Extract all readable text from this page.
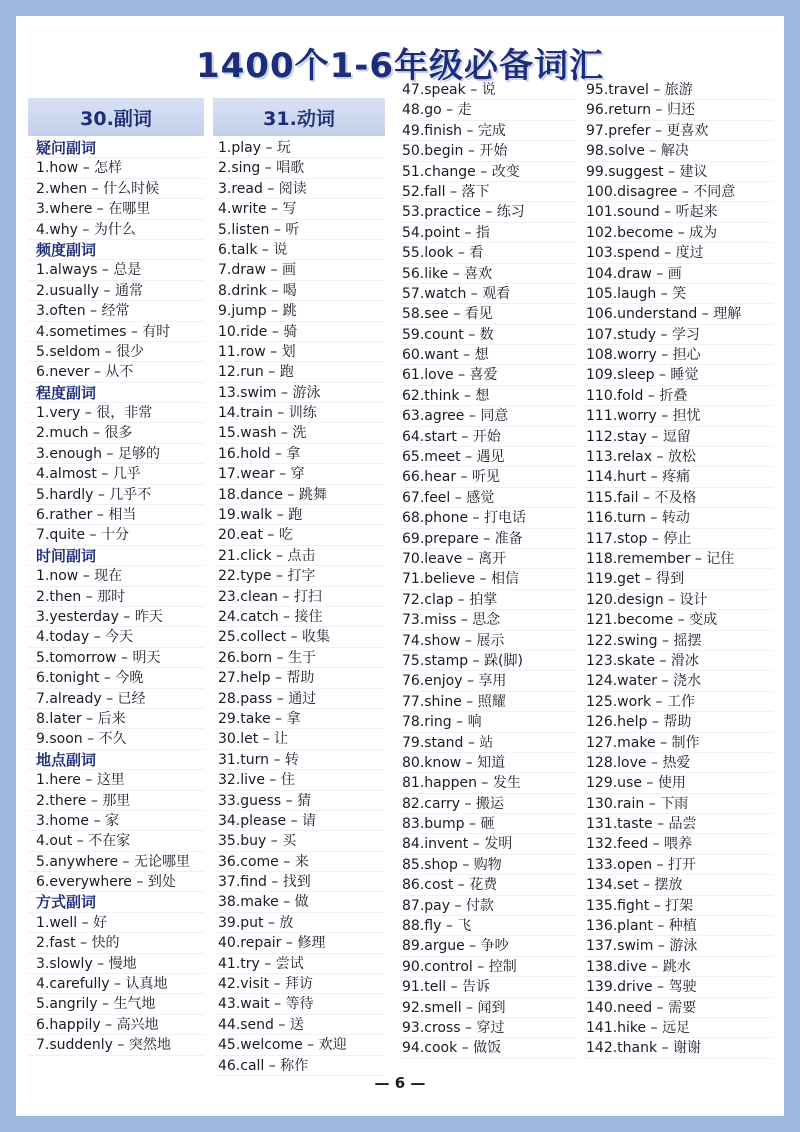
1400个1-6年级必备词汇
30.副词
疑问副词
1.how – 怎样
2.when – 什么时候
3.where – 在哪里
4.why – 为什么
频度副词
1.always – 总是
2.usually – 通常
3.often – 经常
4.sometimes – 有时
5.seldom – 很少
6.never – 从不
程度副词
1.very – 很，非常
2.much – 很多
3.enough – 足够的
4.almost – 几乎
5.hardly – 几乎不
6.rather – 相当
7.quite – 十分
时间副词
1.now – 现在
2.then – 那时
3.yesterday – 昨天
4.today – 今天
5.tomorrow – 明天
6.tonight – 今晚
7.already – 已经
8.later – 后来
9.soon – 不久
地点副词
1.here – 这里
2.there – 那里
3.home – 家
4.out – 不在家
5.anywhere – 无论哪里
6.everywhere – 到处
方式副词
1.well – 好
2.fast – 快的
3.slowly – 慢地
4.carefully – 认真地
5.angrily – 生气地
6.happily – 高兴地
7.suddenly – 突然地
31.动词
1.play – 玩
2.sing – 唱歌
3.read – 阅读
4.write – 写
5.listen – 听
6.talk – 说
7.draw – 画
8.drink – 喝
9.jump – 跳
10.ride – 骑
11.row – 划
12.run – 跑
13.swim – 游泳
14.train – 训练
15.wash – 洗
16.hold – 拿
17.wear – 穿
18.dance – 跳舞
19.walk – 跑
20.eat – 吃
21.click – 点击
22.type – 打字
23.clean – 打扫
24.catch – 接住
25.collect – 收集
26.born – 生于
27.help – 帮助
28.pass – 通过
29.take – 拿
30.let – 让
31.turn – 转
32.live – 住
33.guess – 猜
34.please – 请
35.buy – 买
36.come – 来
37.find – 找到
38.make – 做
39.put – 放
40.repair – 修理
41.try – 尝试
42.visit – 拜访
43.wait – 等待
44.send – 送
45.welcome – 欢迎
46.call – 称作
47.speak – 说
48.go – 走
49.finish – 完成
50.begin – 开始
51.change – 改变
52.fall – 落下
53.practice – 练习
54.point – 指
55.look – 看
56.like – 喜欢
57.watch – 观看
58.see – 看见
59.count – 数
60.want – 想
61.love – 喜爱
62.think – 想
63.agree – 同意
64.start – 开始
65.meet – 遇见
66.hear – 听见
67.feel – 感觉
68.phone – 打电话
69.prepare – 准备
70.leave – 离开
71.believe – 相信
72.clap – 拍掌
73.miss – 思念
74.show – 展示
75.stamp – 跺(脚)
76.enjoy – 享用
77.shine – 照耀
78.ring – 响
79.stand – 站
80.know – 知道
81.happen – 发生
82.carry – 搬运
83.bump – 砸
84.invent – 发明
85.shop – 购物
86.cost – 花费
87.pay – 付款
88.fly – 飞
89.argue – 争吵
90.control – 控制
91.tell – 告诉
92.smell – 闻到
93.cross – 穿过
94.cook – 做饭
95.travel – 旅游
96.return – 归还
97.prefer – 更喜欢
98.solve – 解决
99.suggest – 建议
100.disagree – 不同意
101.sound – 听起来
102.become – 成为
103.spend – 度过
104.draw – 画
105.laugh – 笑
106.understand – 理解
107.study – 学习
108.worry – 担心
109.sleep – 睡觉
110.fold – 折叠
111.worry – 担忧
112.stay – 逗留
113.relax – 放松
114.hurt – 疼痛
115.fail – 不及格
116.turn – 转动
117.stop – 停止
118.remember – 记住
119.get – 得到
120.design – 设计
121.become – 变成
122.swing – 摇摆
123.skate – 滑冰
124.water – 浇水
125.work – 工作
126.help – 帮助
127.make – 制作
128.love – 热爱
129.use – 使用
130.rain – 下雨
131.taste – 品尝
132.feed – 喂养
133.open – 打开
134.set – 摆放
135.fight – 打架
136.plant – 种植
137.swim – 游泳
138.dive – 跳水
139.drive – 驾驶
140.need – 需要
141.hike – 远足
142.thank – 谢谢
— 6 —
